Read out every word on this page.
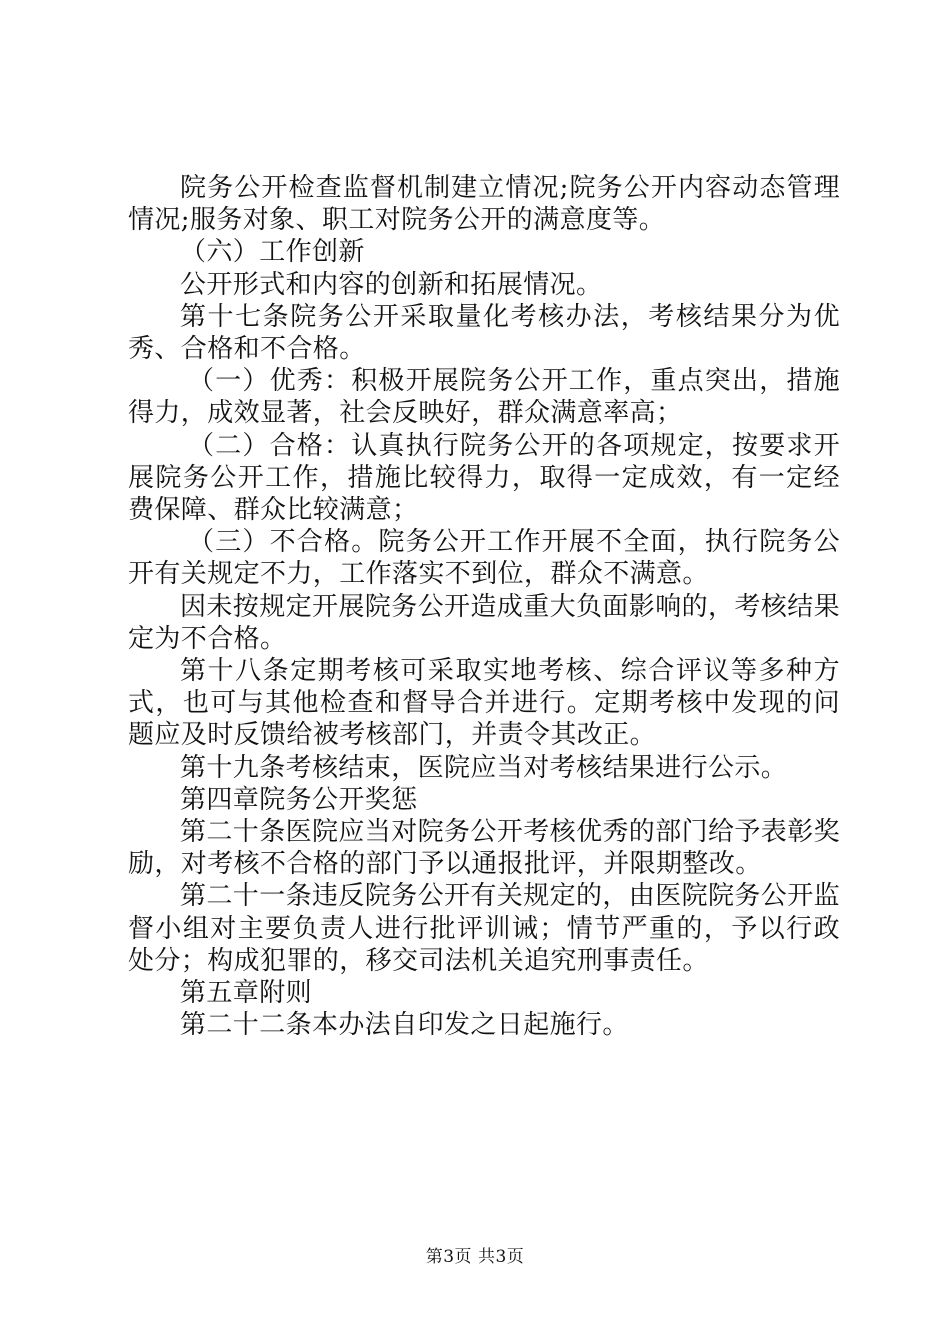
院务公开检查监督机制建立情况;院务公开内容动态管理情况;服务对象、职工对院务公开的满意度等。

（六）工作创新

公开形式和内容的创新和拓展情况。

第十七条院务公开采取量化考核办法，考核结果分为优秀、合格和不合格。

（一）优秀：积极开展院务公开工作，重点突出，措施得力，成效显著，社会反映好，群众满意率高；

（二）合格：认真执行院务公开的各项规定，按要求开展院务公开工作，措施比较得力，取得一定成效，有一定经费保障、群众比较满意；

（三）不合格。院务公开工作开展不全面，执行院务公开有关规定不力，工作落实不到位，群众不满意。

因未按规定开展院务公开造成重大负面影响的，考核结果定为不合格。

第十八条定期考核可采取实地考核、综合评议等多种方式，也可与其他检查和督导合并进行。定期考核中发现的问题应及时反馈给被考核部门，并责令其改正。

第十九条考核结束，医院应当对考核结果进行公示。

第四章院务公开奖惩

第二十条医院应当对院务公开考核优秀的部门给予表彰奖励，对考核不合格的部门予以通报批评，并限期整改。

第二十一条违反院务公开有关规定的，由医院院务公开监督小组对主要负责人进行批评训诫；情节严重的，予以行政处分；构成犯罪的，移交司法机关追究刑事责任。

第五章附则

第二十二条本办法自印发之日起施行。

第3页 共3页
